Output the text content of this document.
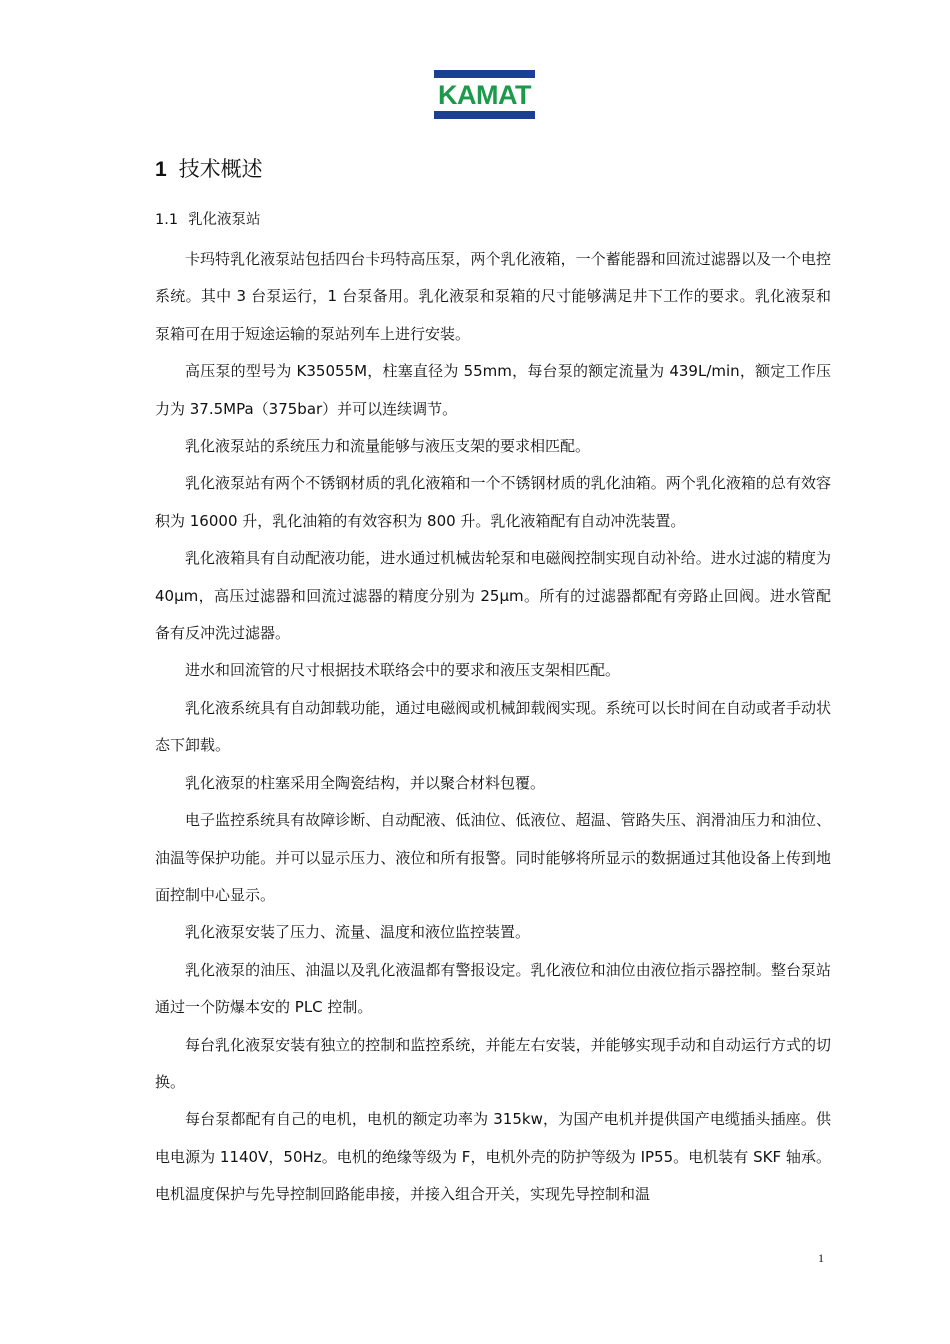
KAMAT
1 技术概述
1.1 乳化液泵站

卡玛特乳化液泵站包括四台卡玛特高压泵，两个乳化液箱，一个蓄能器和回流过滤器以及一个电控系统。其中 3 台泵运行，1 台泵备用。乳化液泵和泵箱的尺寸能够满足井下工作的要求。乳化液泵和泵箱可在用于短途运输的泵站列车上进行安装。

高压泵的型号为 K35055M，柱塞直径为 55mm，每台泵的额定流量为 439L/min，额定工作压力为 37.5MPa（375bar）并可以连续调节。

乳化液泵站的系统压力和流量能够与液压支架的要求相匹配。

乳化液泵站有两个不锈钢材质的乳化液箱和一个不锈钢材质的乳化油箱。两个乳化液箱的总有效容积为 16000 升，乳化油箱的有效容积为 800 升。乳化液箱配有自动冲洗装置。

乳化液箱具有自动配液功能，进水通过机械齿轮泵和电磁阀控制实现自动补给。进水过滤的精度为 40μm，高压过滤器和回流过滤器的精度分别为 25μm。所有的过滤器都配有旁路止回阀。进水管配备有反冲洗过滤器。

进水和回流管的尺寸根据技术联络会中的要求和液压支架相匹配。

乳化液系统具有自动卸载功能，通过电磁阀或机械卸载阀实现。系统可以长时间在自动或者手动状态下卸载。

乳化液泵的柱塞采用全陶瓷结构，并以聚合材料包覆。

电子监控系统具有故障诊断、自动配液、低油位、低液位、超温、管路失压、润滑油压力和油位、油温等保护功能。并可以显示压力、液位和所有报警。同时能够将所显示的数据通过其他设备上传到地面控制中心显示。

乳化液泵安装了压力、流量、温度和液位监控装置。

乳化液泵的油压、油温以及乳化液温都有警报设定。乳化液位和油位由液位指示器控制。整台泵站通过一个防爆本安的 PLC 控制。

每台乳化液泵安装有独立的控制和监控系统，并能左右安装，并能够实现手动和自动运行方式的切换。

每台泵都配有自己的电机，电机的额定功率为 315kw，为国产电机并提供国产电缆插头插座。供电电源为 1140V，50Hz。电机的绝缘等级为 F，电机外壳的防护等级为 IP55。电机装有 SKF 轴承。电机温度保护与先导控制回路能串接，并接入组合开关，实现先导控制和温

1
